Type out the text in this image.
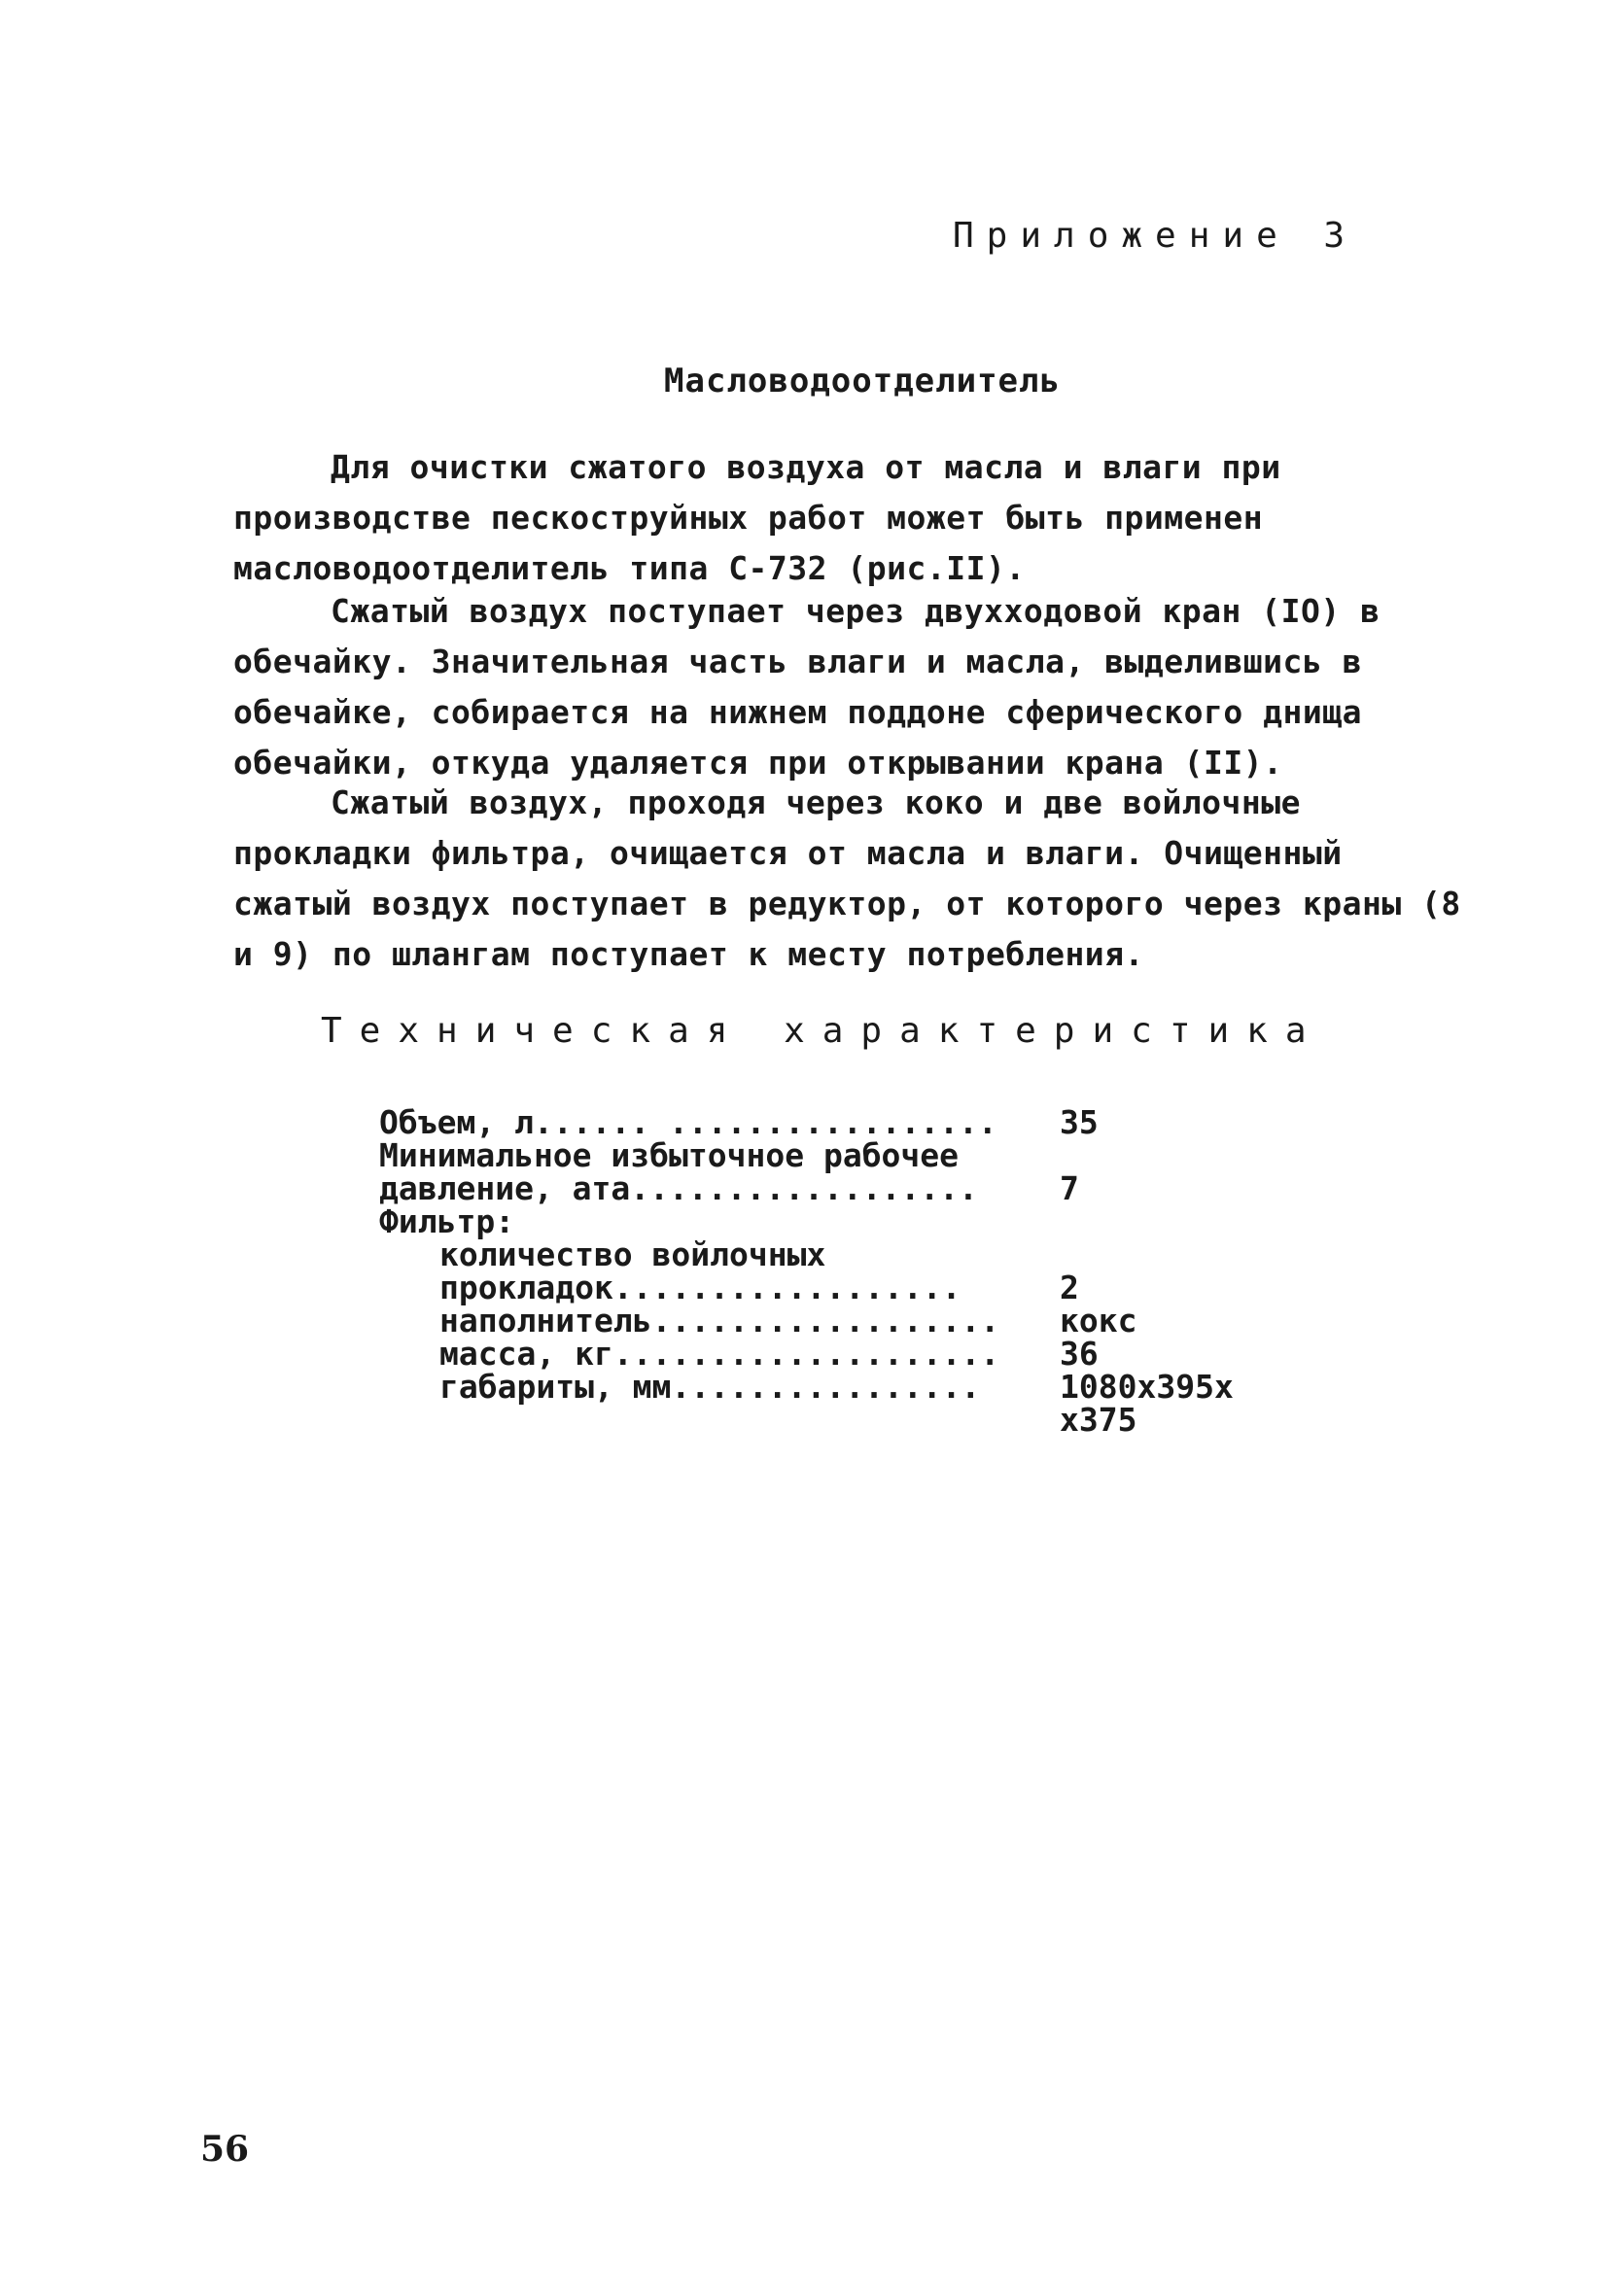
Приложение 3
Масловодоотделитель
Для очистки сжатого воздуха от масла и влаги при производстве пескоструйных работ может быть применен масловодоотделитель типа С-732 (рис.II).
Сжатый воздух поступает через двухходовой кран (IO) в обечайку. Значительная часть влаги и масла, выделившись в обечайке, собирается на нижнем поддоне сферического днища обечайки, откуда удаляется при открывании крана (II).
Сжатый воздух, проходя через коко и две войлочные прокладки фильтра, очищается от масла и влаги. Очищенный сжатый воздух поступает в редуктор, от которого через краны (8 и 9) по шлангам поступает к месту потребления.
Техническая характеристика
Объем, л ...... ................. 35
Минимальное избыточное рабочее
давление, ата ..................	7
Фильтр:
количество войлочных
прокладок ..................	2
наполнитель .................. кокс
масса, кг .................... 36
габариты, мм ................ 1080х395х
х375
56
